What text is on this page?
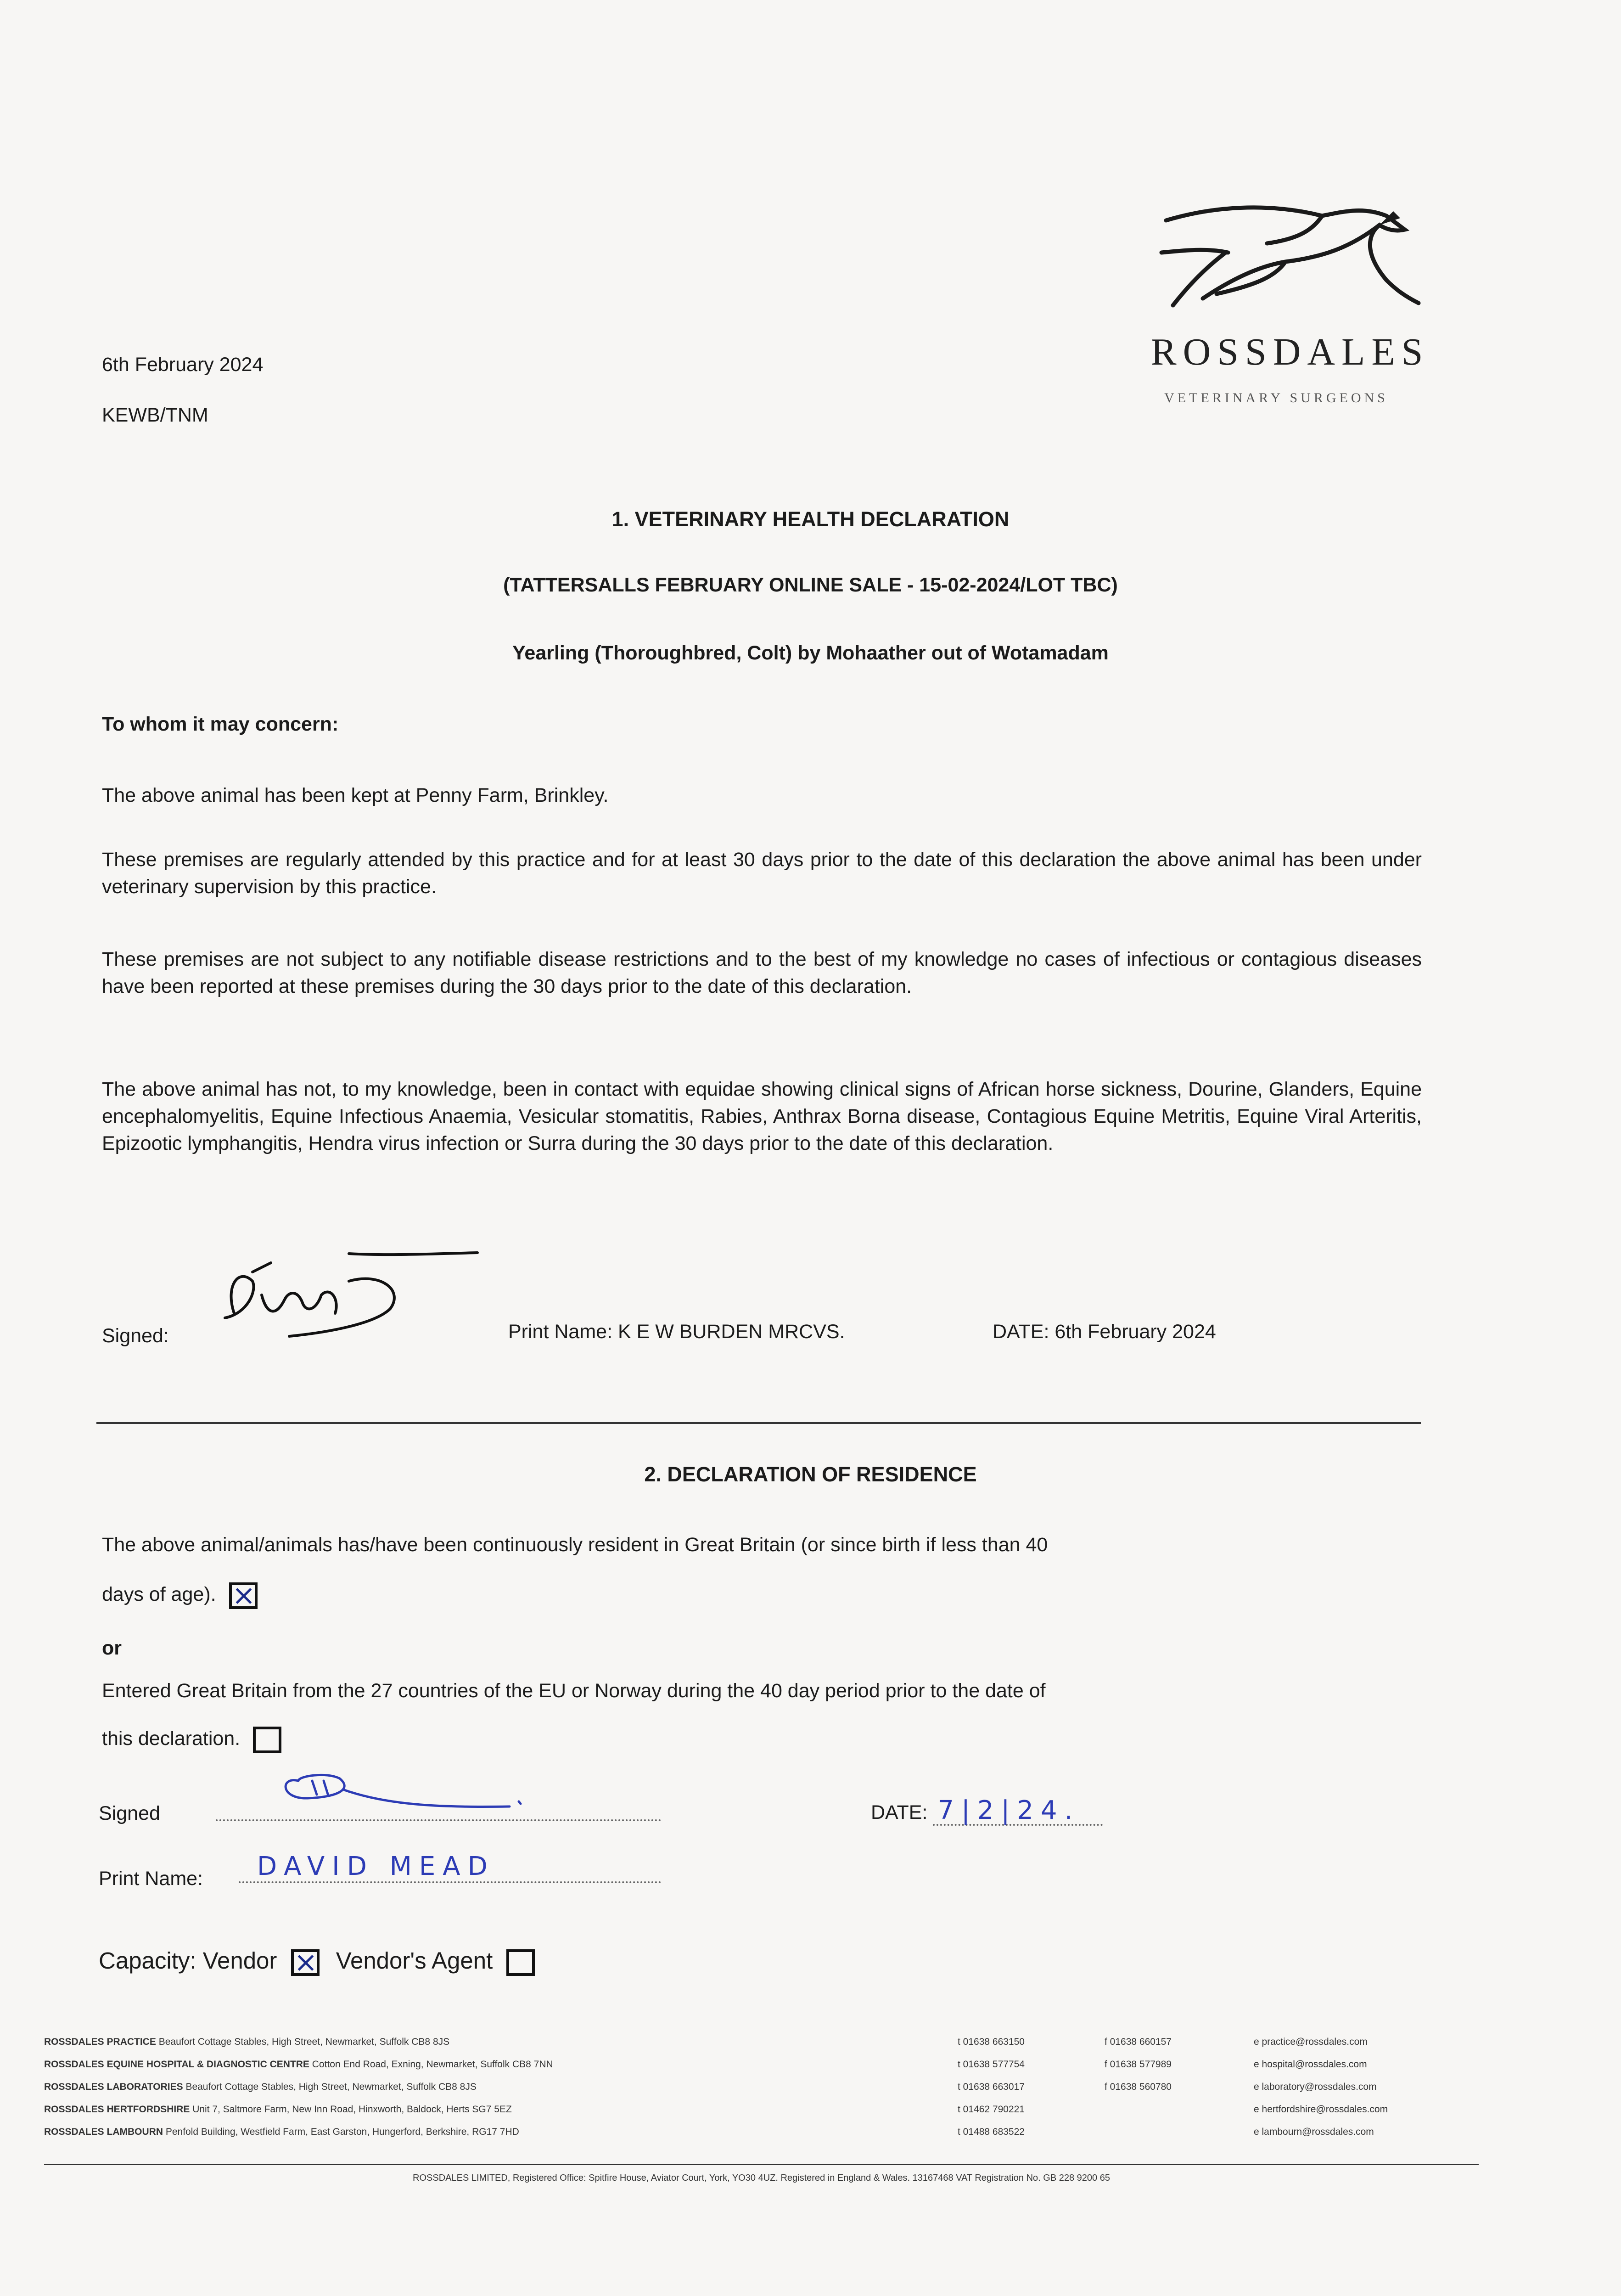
6th February 2024
KEWB/TNM
ROSSDALES
VETERINARY SURGEONS
1. VETERINARY HEALTH DECLARATION
(TATTERSALLS FEBRUARY ONLINE SALE - 15-02-2024/LOT TBC)
Yearling (Thoroughbred, Colt) by Mohaather out of Wotamadam
To whom it may concern:
The above animal has been kept at Penny Farm, Brinkley.
These premises are regularly attended by this practice and for at least 30 days prior to the date of this declaration the above animal has been under veterinary supervision by this practice.
These premises are not subject to any notifiable disease restrictions and to the best of my knowledge no cases of infectious or contagious diseases have been reported at these premises during the 30 days prior to the date of this declaration.
The above animal has not, to my knowledge, been in contact with equidae showing clinical signs of African horse sickness, Dourine, Glanders, Equine encephalomyelitis, Equine Infectious Anaemia, Vesicular stomatitis, Rabies, Anthrax Borna disease, Contagious Equine Metritis, Equine Viral Arteritis, Epizootic lymphangitis, Hendra virus infection or Surra during the 30 days prior to the date of this declaration.
Signed:	Print Name: K E W BURDEN MRCVS.	DATE: 6th February 2024
2. DECLARATION OF RESIDENCE
The above animal/animals has/have been continuously resident in Great Britain (or since birth if less than 40
days of age).
or
Entered Great Britain from the 27 countries of the EU or Norway during the 40 day period prior to the date of
this declaration.
Signed	DATE: 7|2|24.
Print Name:	DAVID MEAD
Capacity: Vendor	Vendor's Agent
ROSSDALES PRACTICE Beaufort Cottage Stables, High Street, Newmarket, Suffolk CB8 8JS	t 01638 663150	f 01638 660157	e practice@rossdales.com
ROSSDALES EQUINE HOSPITAL & DIAGNOSTIC CENTRE Cotton End Road, Exning, Newmarket, Suffolk CB8 7NN	t 01638 577754	f 01638 577989	e hospital@rossdales.com
ROSSDALES LABORATORIES Beaufort Cottage Stables, High Street, Newmarket, Suffolk CB8 8JS	t 01638 663017	f 01638 560780	e laboratory@rossdales.com
ROSSDALES HERTFORDSHIRE Unit 7, Saltmore Farm, New Inn Road, Hinxworth, Baldock, Herts SG7 5EZ	t 01462 790221	e hertfordshire@rossdales.com
ROSSDALES LAMBOURN Penfold Building, Westfield Farm, East Garston, Hungerford, Berkshire, RG17 7HD	t 01488 683522	e lambourn@rossdales.com
ROSSDALES LIMITED, Registered Office: Spitfire House, Aviator Court, York, YO30 4UZ. Registered in England & Wales. 13167468 VAT Registration No. GB 228 9200 65
